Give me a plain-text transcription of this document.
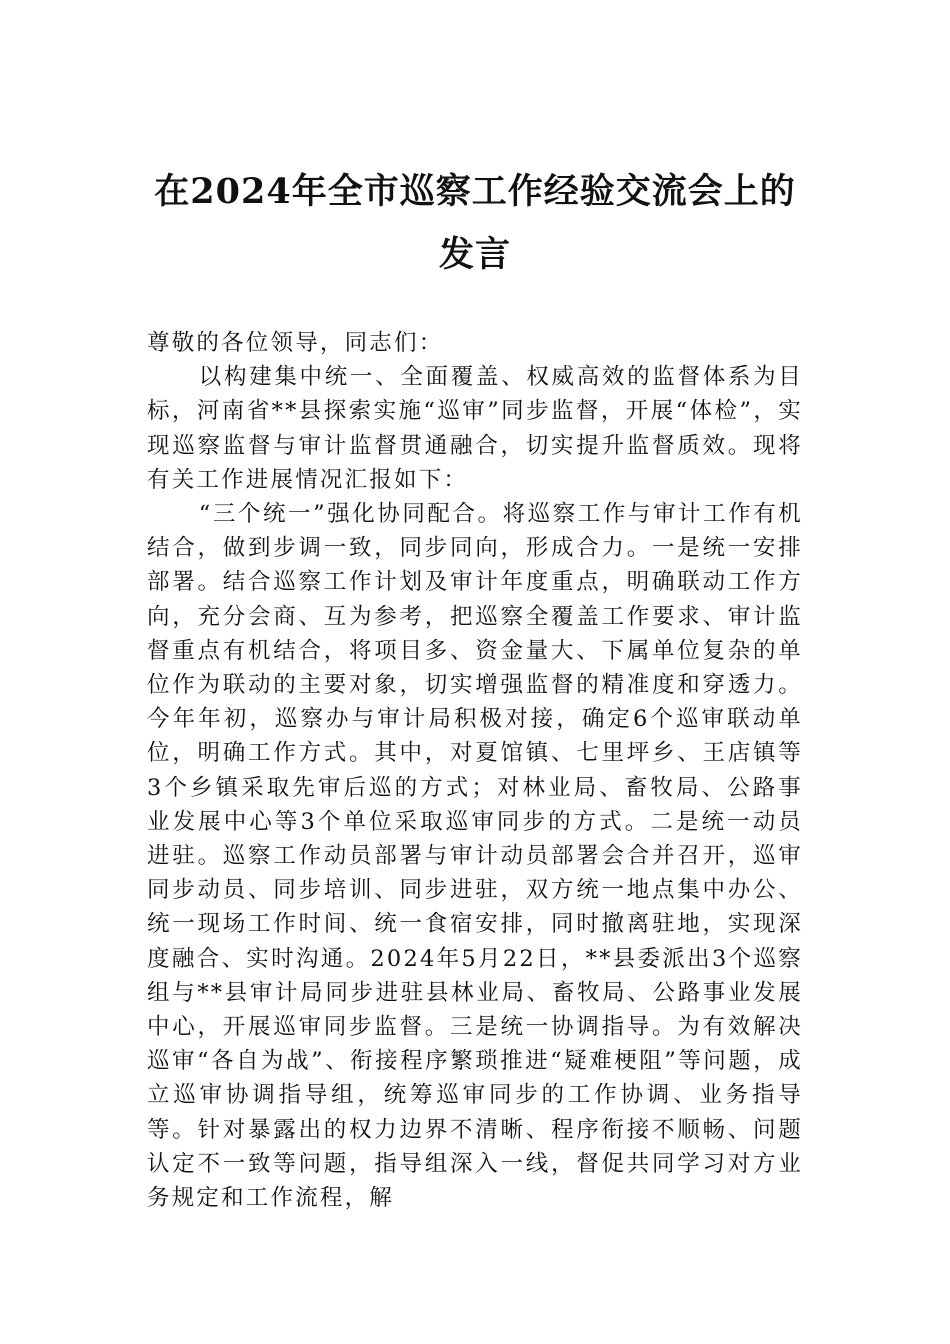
在2024年全市巡察工作经验交流会上的发言

尊敬的各位领导，同志们：

以构建集中统一、全面覆盖、权威高效的监督体系为目标，河南省**县探索实施“巡审”同步监督，开展“体检”，实现巡察监督与审计监督贯通融合，切实提升监督质效。现将有关工作进展情况汇报如下：

“三个统一”强化协同配合。将巡察工作与审计工作有机结合，做到步调一致，同步同向，形成合力。一是统一安排部署。结合巡察工作计划及审计年度重点，明确联动工作方向，充分会商、互为参考，把巡察全覆盖工作要求、审计监督重点有机结合，将项目多、资金量大、下属单位复杂的单位作为联动的主要对象，切实增强监督的精准度和穿透力。今年年初，巡察办与审计局积极对接，确定6个巡审联动单位，明确工作方式。其中，对夏馆镇、七里坪乡、王店镇等3个乡镇采取先审后巡的方式；对林业局、畜牧局、公路事业发展中心等3个单位采取巡审同步的方式。二是统一动员进驻。巡察工作动员部署与审计动员部署会合并召开，巡审同步动员、同步培训、同步进驻，双方统一地点集中办公、统一现场工作时间、统一食宿安排，同时撤离驻地，实现深度融合、实时沟通。2024年5月22日，**县委派出3个巡察组与**县审计局同步进驻县林业局、畜牧局、公路事业发展中心，开展巡审同步监督。三是统一协调指导。为有效解决巡审“各自为战”、衔接程序繁琐推进“疑难梗阻”等问题，成立巡审协调指导组，统筹巡审同步的工作协调、业务指导等。针对暴露出的权力边界不清晰、程序衔接不顺畅、问题认定不一致等问题，指导组深入一线，督促共同学习对方业务规定和工作流程，解
